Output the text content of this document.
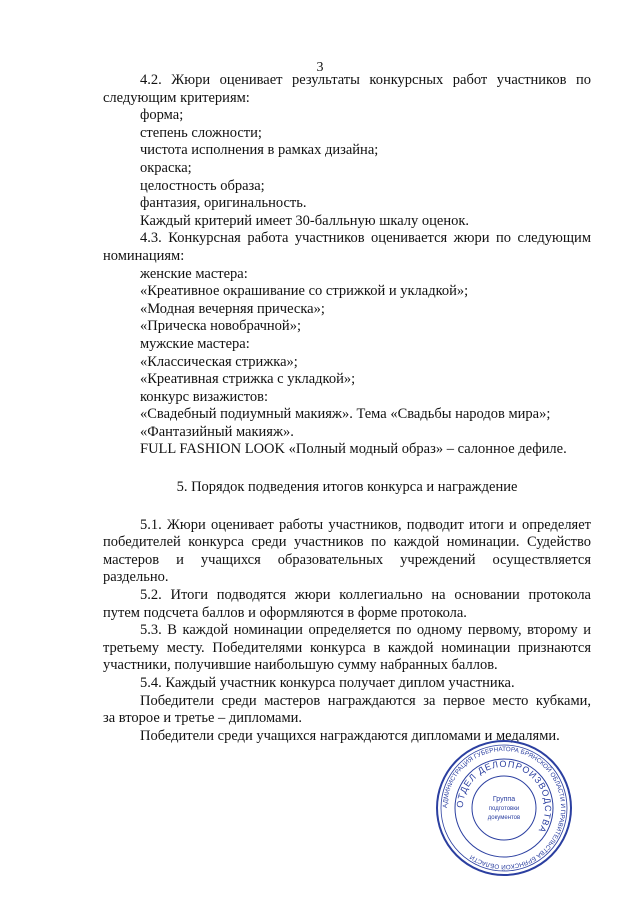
3

4.2. Жюри оценивает результаты конкурсных работ участников по

следующим критериям:

форма;

степень сложности;

чистота исполнения в рамках дизайна;

окраска;

целостность образа;

фантазия, оригинальность.

Каждый критерий имеет 30-балльную шкалу оценок.

4.3. Конкурсная работа участников оценивается жюри по следующим

номинациям:

женские мастера:

«Креативное окрашивание со стрижкой и укладкой»;

«Модная вечерняя прическа»;

«Прическа новобрачной»;

мужские мастера:

«Классическая стрижка»;

«Креативная стрижка с укладкой»;

конкурс визажистов:

«Свадебный подиумный макияж». Тема «Свадьбы народов мира»;

«Фантазийный макияж».

FULL FASHION LOOK «Полный модный образ» – салонное дефиле.

5. Порядок подведения итогов конкурса и награждение

5.1. Жюри оценивает работы участников, подводит итоги и определяет

победителей конкурса среди участников по каждой номинации. Судейство

мастеров и учащихся образовательных учреждений осуществляется

раздельно.

5.2. Итоги подводятся жюри коллегиально на основании протокола

путем подсчета баллов и оформляются в форме протокола.

5.3. В каждой номинации определяется по одному первому, второму и

третьему месту. Победителями конкурса в каждой номинации признаются

участники, получившие наибольшую сумму набранных баллов.

5.4. Каждый участник конкурса получает диплом участника.

Победители среди мастеров награждаются за первое место кубками,

за второе и третье – дипломами.

Победители среди учащихся награждаются дипломами и медалями.

АДМИНИСТРАЦИЯ ГУБЕРНАТОРА БРЯНСКОЙ ОБЛАСТИ И ПРАВИТЕЛЬСТВА БРЯНСКОЙ ОБЛАСТИ
ОТДЕЛ ДЕЛОПРОИЗВОДСТВА
Группа
подготовки
документов
